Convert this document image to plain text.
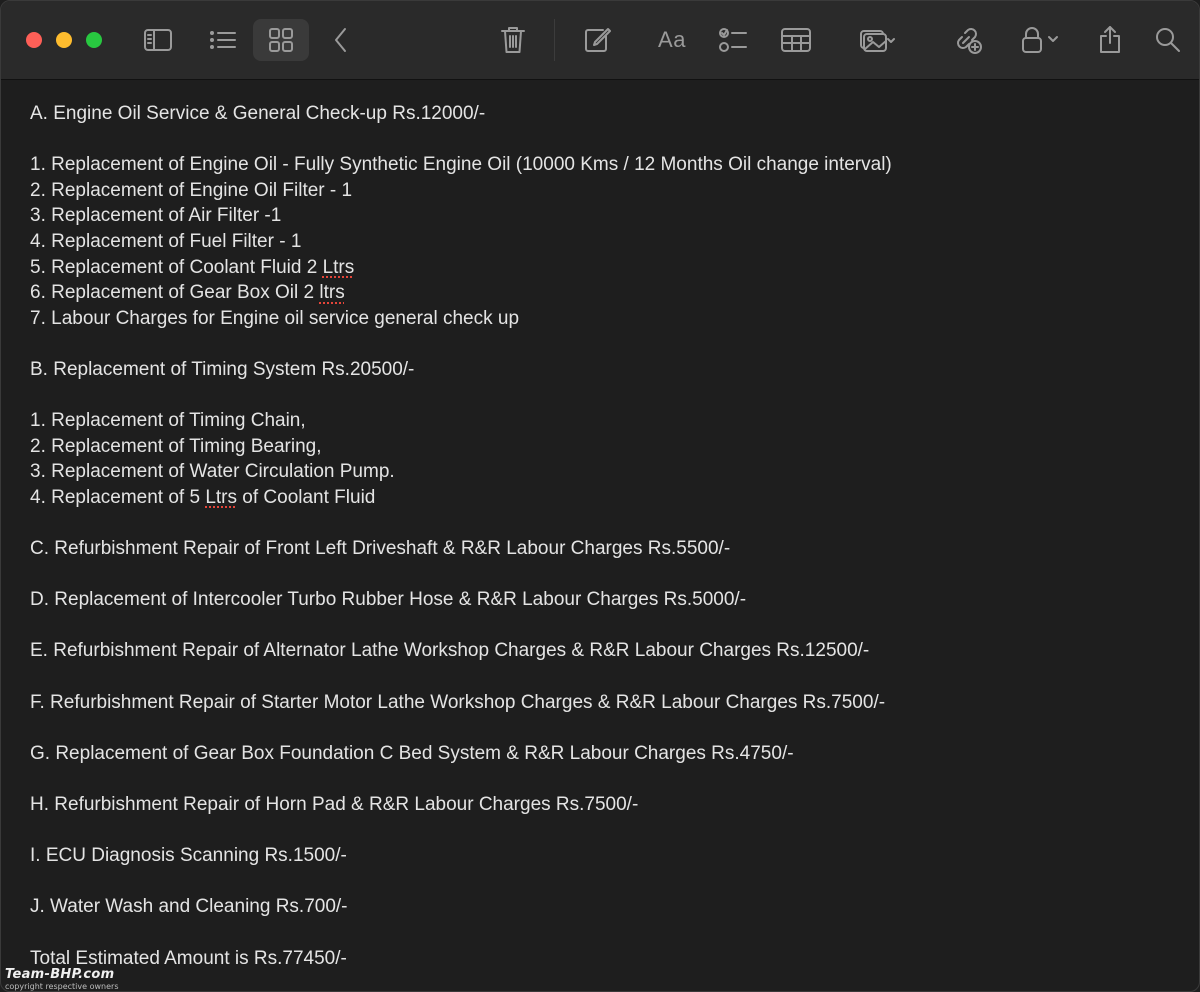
Aa
A. Engine Oil Service & General Check-up Rs.12000/-
1. Replacement of Engine Oil - Fully Synthetic Engine Oil (10000 Kms / 12 Months Oil change interval)
2. Replacement of Engine Oil Filter - 1
3. Replacement of Air Filter -1
4. Replacement of Fuel Filter - 1
5. Replacement of Coolant Fluid 2 Ltrs
6. Replacement of Gear Box Oil 2 ltrs
7. Labour Charges for Engine oil service general check up
B. Replacement of Timing System Rs.20500/-
1. Replacement of Timing Chain,
2. Replacement of Timing Bearing,
3. Replacement of Water Circulation Pump.
4. Replacement of 5 Ltrs of Coolant Fluid
C. Refurbishment Repair of Front Left Driveshaft & R&R Labour Charges Rs.5500/-
D. Replacement of Intercooler Turbo Rubber Hose & R&R Labour Charges Rs.5000/-
E. Refurbishment Repair of Alternator Lathe Workshop Charges & R&R Labour Charges Rs.12500/-
F. Refurbishment Repair of Starter Motor Lathe Workshop Charges & R&R Labour Charges Rs.7500/-
G. Replacement of Gear Box Foundation C Bed System & R&R Labour Charges Rs.4750/-
H. Refurbishment Repair of Horn Pad & R&R Labour Charges Rs.7500/-
I. ECU Diagnosis Scanning Rs.1500/-
J. Water Wash and Cleaning Rs.700/-
Total Estimated Amount is Rs.77450/-
Team-BHP.com
copyright respective owners
